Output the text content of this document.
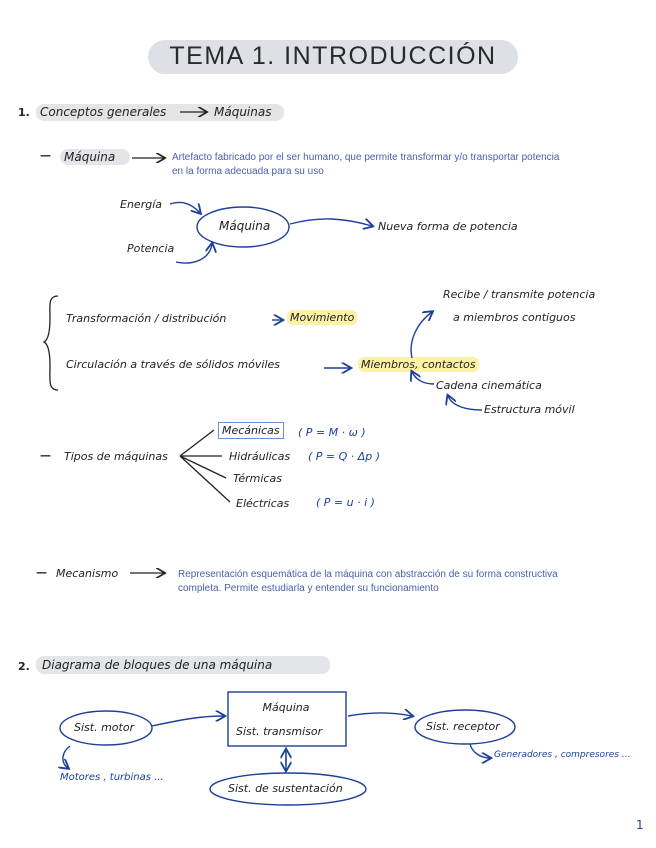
TEMA 1. INTRODUCCIÓN
1. Conceptos generales	Máquinas
— Máquina	Artefacto fabricado por el ser humano, que permite transformar y/o transportar potencia en la forma adecuada para su uso
Energía
Potencia
Máquina	Nueva forma de potencia
Transformación / distribución	Movimiento
Circulación a través de sólidos móviles	Miembros, contactos
Recibe / transmite potencia
a miembros contiguos
Cadena cinemática
Estructura móvil
— Tipos de máquinas
Mecánicas	( P = M · ω )
Hidráulicas ( P = Q · Δp )
Térmicas
Eléctricas ( P = u · i )
— Mecanismo	Representación esquemática de la máquina con abstracción de su forma constructiva completa. Permite estudiarla y entender su funcionamiento
2. Diagrama de bloques de una máquina
Máquina
Sist. transmisor
Sist. motor	Sist. receptor
Sist. de sustentación
Motores , turbinas ...
Generadores , compresores ...
1
